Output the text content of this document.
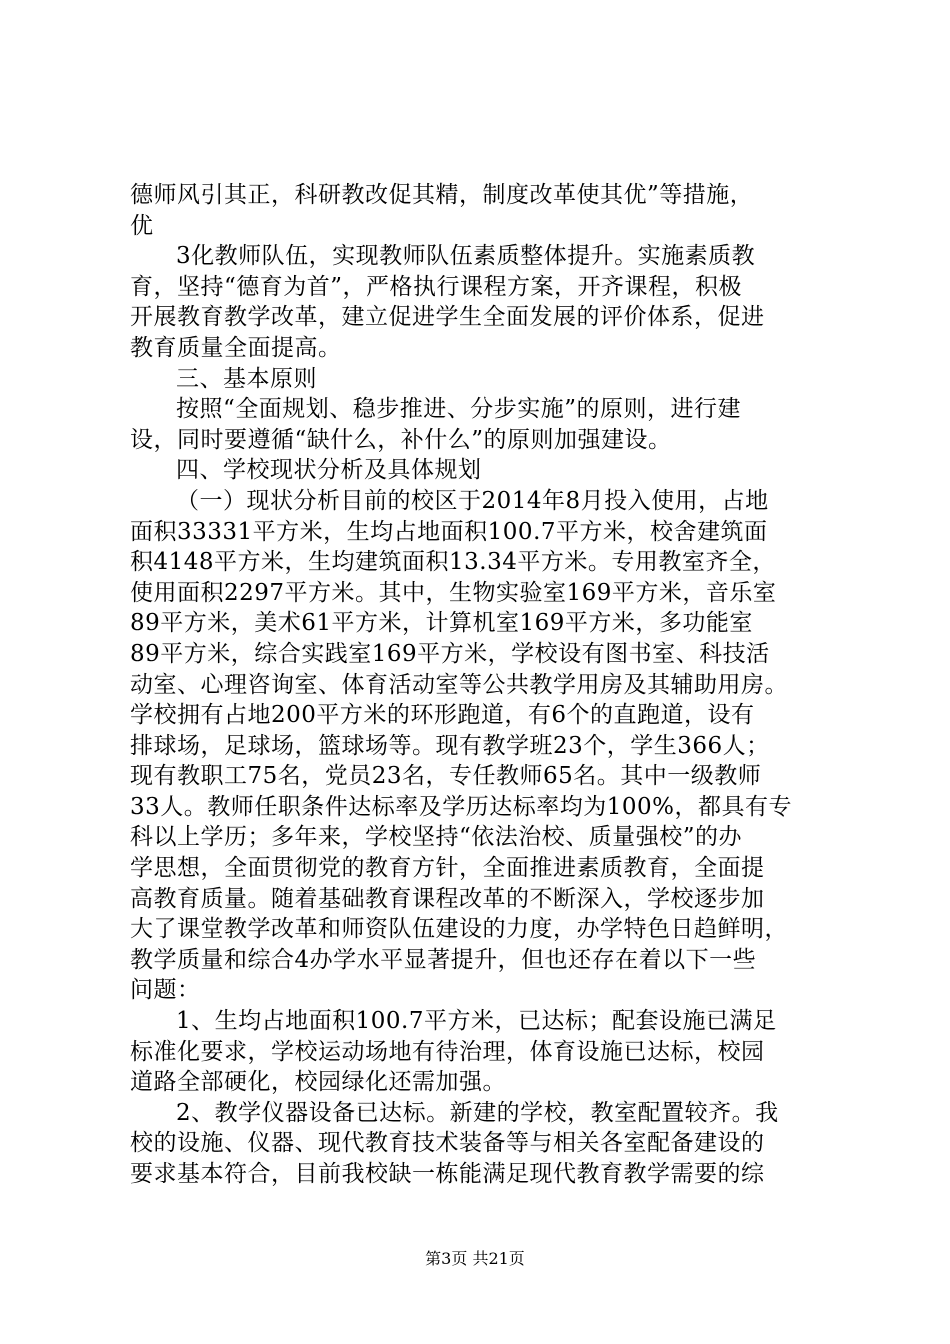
德师风引其正，科研教改促其精，制度改革使其优”等措施，
优
3化教师队伍，实现教师队伍素质整体提升。实施素质教
育，坚持“德育为首”，严格执行课程方案，开齐课程，积极
开展教育教学改革，建立促进学生全面发展的评价体系，促进
教育质量全面提高。
三、基本原则
按照“全面规划、稳步推进、分步实施”的原则，进行建
设，同时要遵循“缺什么，补什么”的原则加强建设。
四、学校现状分析及具体规划
（一）现状分析目前的校区于2014年8月投入使用，占地
面积33331平方米，生均占地面积100.7平方米，校舍建筑面
积4148平方米，生均建筑面积13.34平方米。专用教室齐全，
使用面积2297平方米。其中，生物实验室169平方米，音乐室
89平方米，美术61平方米，计算机室169平方米，多功能室
89平方米，综合实践室169平方米，学校设有图书室、科技活
动室、心理咨询室、体育活动室等公共教学用房及其辅助用房。
学校拥有占地200平方米的环形跑道，有6个的直跑道，设有
排球场，足球场，篮球场等。现有教学班23个，学生366人；
现有教职工75名，党员23名，专任教师65名。其中一级教师
33人。教师任职条件达标率及学历达标率均为100%，都具有专
科以上学历；多年来，学校坚持“依法治校、质量强校”的办
学思想，全面贯彻党的教育方针，全面推进素质教育，全面提
高教育质量。随着基础教育课程改革的不断深入，学校逐步加
大了课堂教学改革和师资队伍建设的力度，办学特色日趋鲜明，
教学质量和综合4办学水平显著提升，但也还存在着以下一些
问题：
1、生均占地面积100.7平方米，已达标；配套设施已满足
标准化要求，学校运动场地有待治理，体育设施已达标，校园
道路全部硬化，校园绿化还需加强。
2、教学仪器设备已达标。新建的学校，教室配置较齐。我
校的设施、仪器、现代教育技术装备等与相关各室配备建设的
要求基本符合，目前我校缺一栋能满足现代教育教学需要的综
第3页 共21页
